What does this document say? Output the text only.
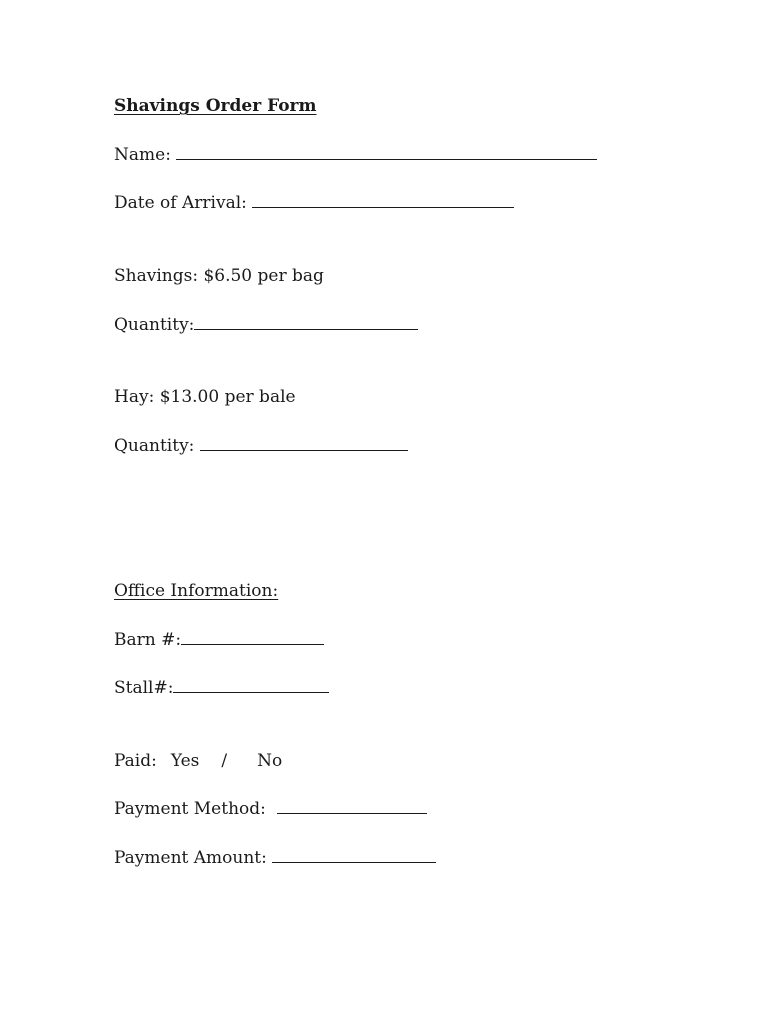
Shavings Order Form
Name:
Date of Arrival:
Shavings: $6.50 per bag
Quantity:
Hay: $13.00 per bale
Quantity:
Office Information:
Barn #:
Stall#:
Paid: Yes / No
Payment Method:
Payment Amount:
